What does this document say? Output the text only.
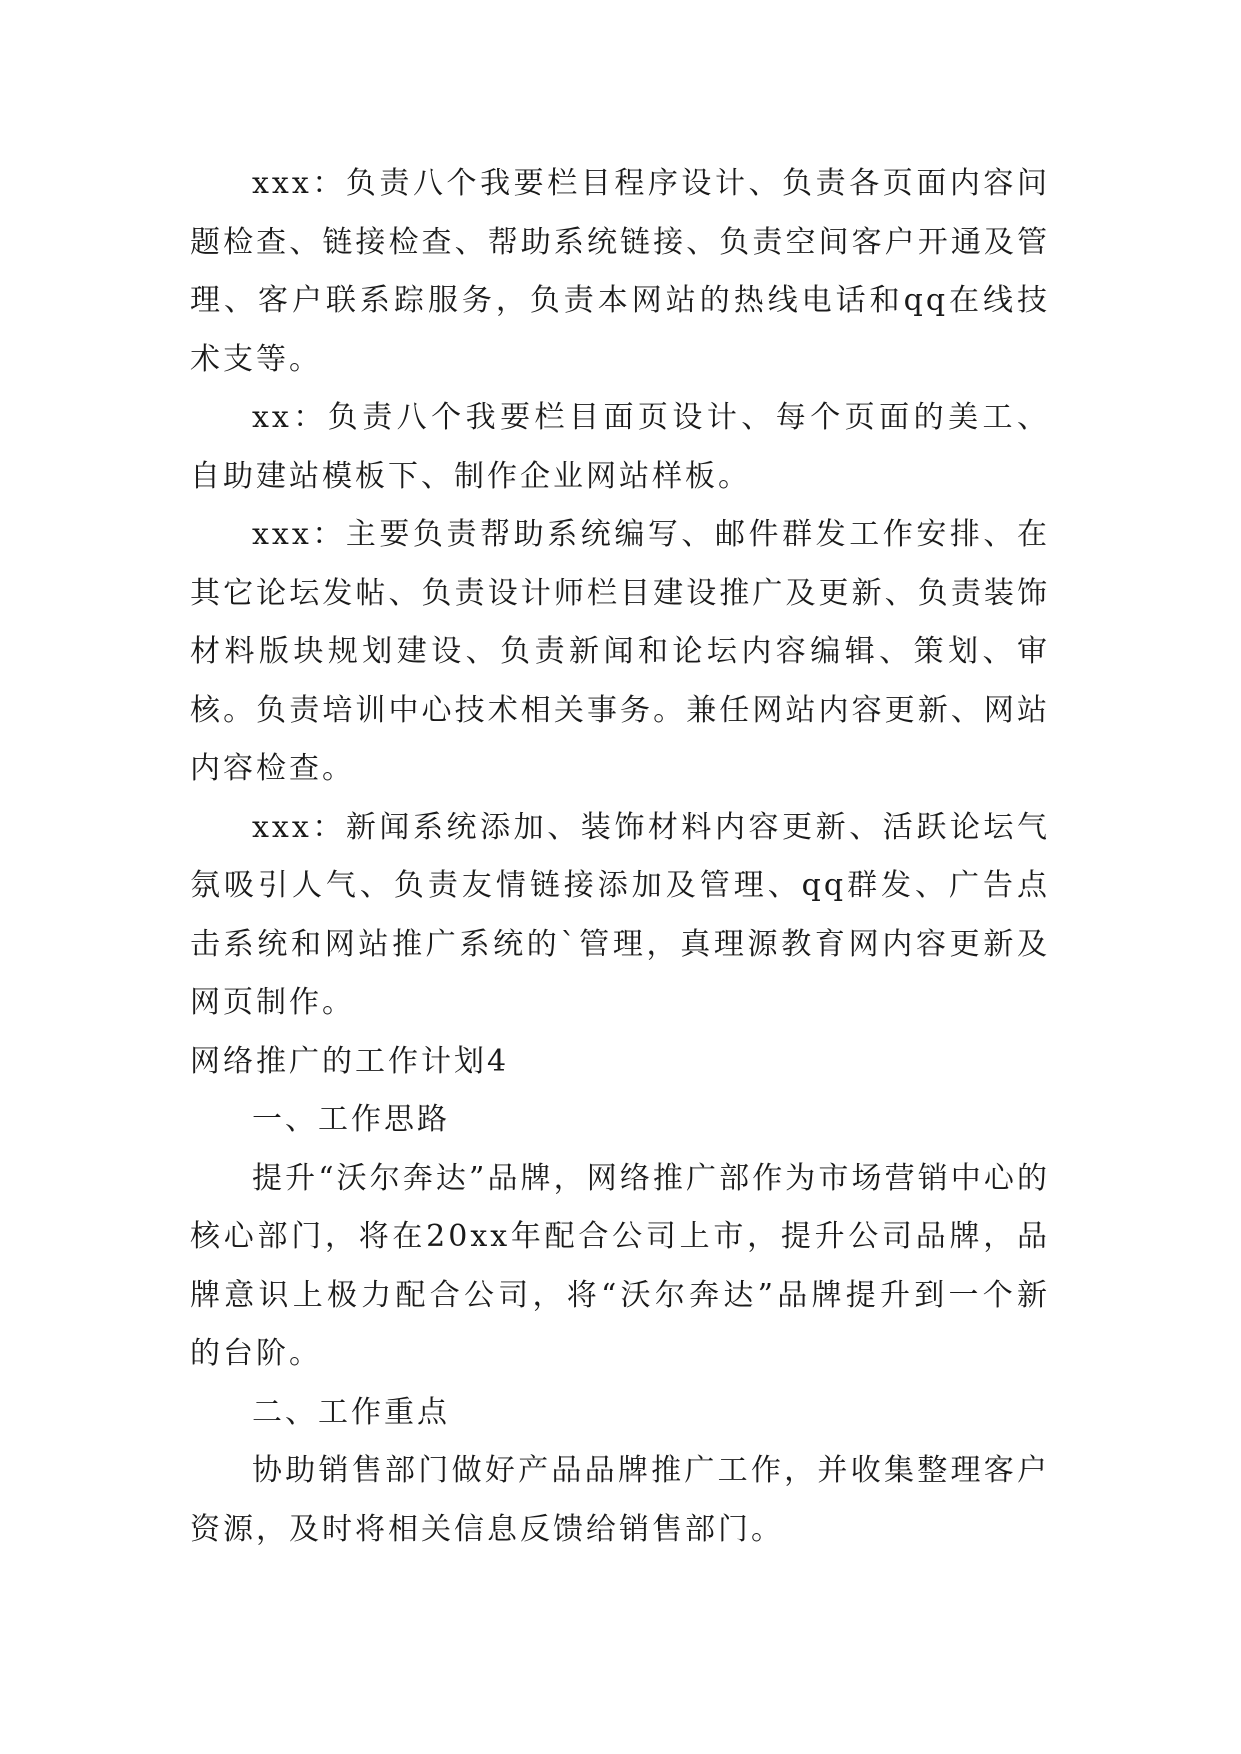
xxx：负责八个我要栏目程序设计、负责各页面内容问题检查、链接检查、帮助系统链接、负责空间客户开通及管理、客户联系踪服务，负责本网站的热线电话和qq在线技术支等。

xx：负责八个我要栏目面页设计、每个页面的美工、自助建站模板下、制作企业网站样板。

xxx：主要负责帮助系统编写、邮件群发工作安排、在其它论坛发帖、负责设计师栏目建设推广及更新、负责装饰材料版块规划建设、负责新闻和论坛内容编辑、策划、审核。负责培训中心技术相关事务。兼任网站内容更新、网站内容检查。

xxx：新闻系统添加、装饰材料内容更新、活跃论坛气氛吸引人气、负责友情链接添加及管理、qq群发、广告点击系统和网站推广系统的`管理，真理源教育网内容更新及网页制作。

网络推广的工作计划4

一、工作思路

提升“沃尔奔达”品牌，网络推广部作为市场营销中心的核心部门，将在20xx年配合公司上市，提升公司品牌，品牌意识上极力配合公司，将“沃尔奔达”品牌提升到一个新的台阶。

二、工作重点

协助销售部门做好产品品牌推广工作，并收集整理客户资源，及时将相关信息反馈给销售部门。
